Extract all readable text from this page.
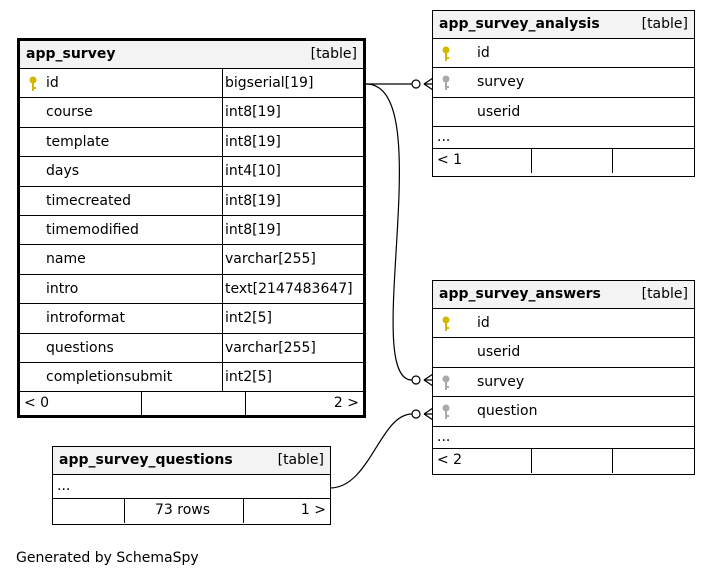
app_survey	[table]
id	bigserial[19]
course	int8[19]
template	int8[19]
days	int4[10]
timecreated	int8[19]
timemodified	int8[19]
name	varchar[255]
intro	text[2147483647]
introformat	int2[5]
questions	varchar[255]
completionsubmit	int2[5]
< 0	2 >
app_survey_analysis	[table]
id
survey
userid
...
< 1
app_survey_answers	[table]
id
userid
survey
question
...
< 2
app_survey_questions	[table]
...
73 rows	1 >
Generated by SchemaSpy
